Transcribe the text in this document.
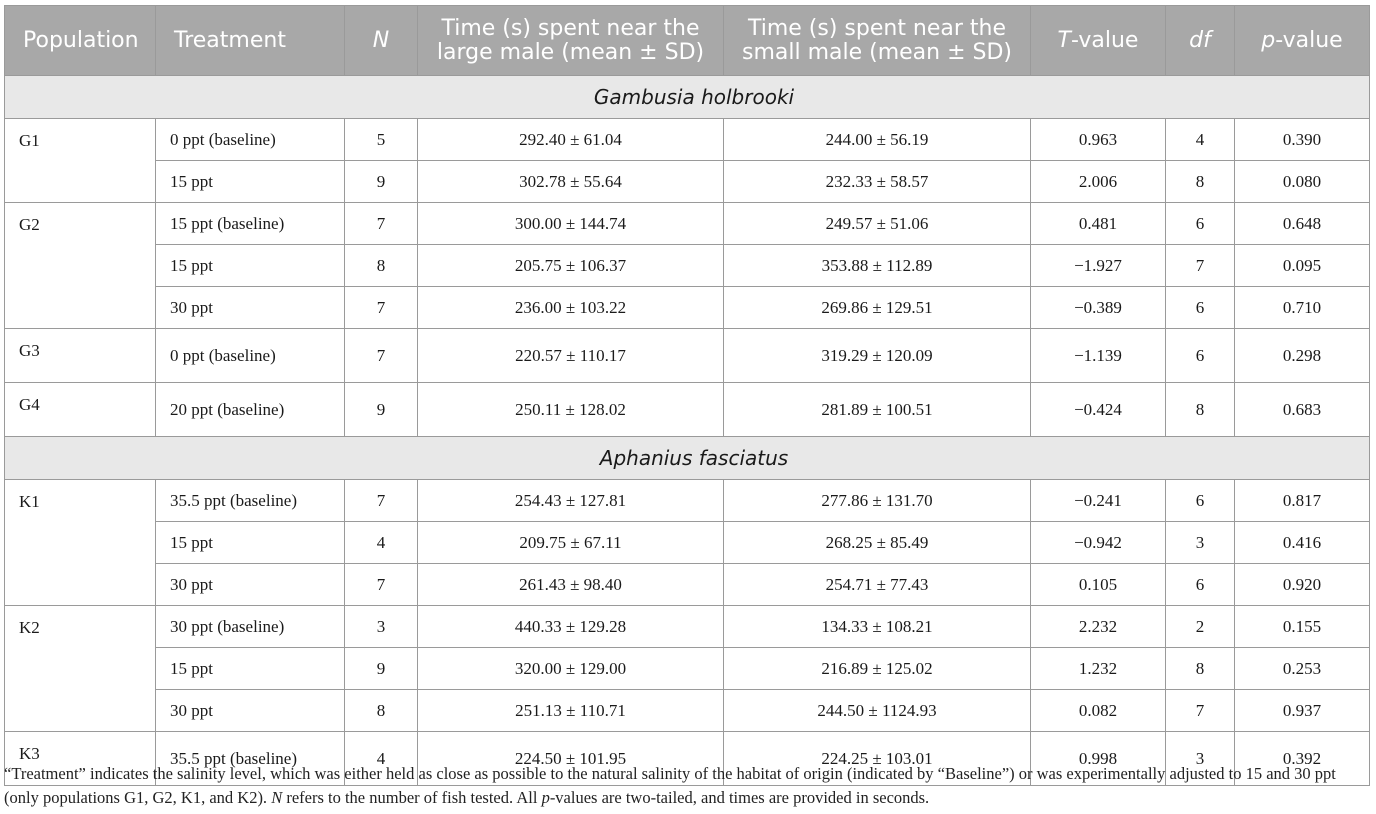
Population	Treatment	N	Time (s) spent near the
large male (mean ± SD)	Time (s) spent near the
small male (mean ± SD)	T-value	df	p-value
Gambusia holbrooki							
G1	0 ppt (baseline)	5	292.40 ± 61.04	244.00 ± 56.19	0.963	4	0.390
	15 ppt	9	302.78 ± 55.64	232.33 ± 58.57	2.006	8	0.080
G2	15 ppt (baseline)	7	300.00 ± 144.74	249.57 ± 51.06	0.481	6	0.648
	15 ppt	8	205.75 ± 106.37	353.88 ± 112.89	−1.927	7	0.095
	30 ppt	7	236.00 ± 103.22	269.86 ± 129.51	−0.389	6	0.710
G3	0 ppt (baseline)	7	220.57 ± 110.17	319.29 ± 120.09	−1.139	6	0.298
G4	20 ppt (baseline)	9	250.11 ± 128.02	281.89 ± 100.51	−0.424	8	0.683
Aphanius fasciatus							
K1	35.5 ppt (baseline)	7	254.43 ± 127.81	277.86 ± 131.70	−0.241	6	0.817
	15 ppt	4	209.75 ± 67.11	268.25 ± 85.49	−0.942	3	0.416
	30 ppt	7	261.43 ± 98.40	254.71 ± 77.43	0.105	6	0.920
K2	30 ppt (baseline)	3	440.33 ± 129.28	134.33 ± 108.21	2.232	2	0.155
	15 ppt	9	320.00 ± 129.00	216.89 ± 125.02	1.232	8	0.253
	30 ppt	8	251.13 ± 110.71	244.50 ± 1124.93	0.082	7	0.937
K3	35.5 ppt (baseline)	4	224.50 ± 101.95	224.25 ± 103.01	0.998	3	0.392
“Treatment” indicates the salinity level, which was either held as close as possible to the natural salinity of the habitat of origin (indicated by “Baseline”) or was experimentally adjusted to 15 and 30 ppt (only populations G1, G2, K1, and K2). N refers to the number of fish tested. All p-values are two-tailed, and times are provided in seconds.
